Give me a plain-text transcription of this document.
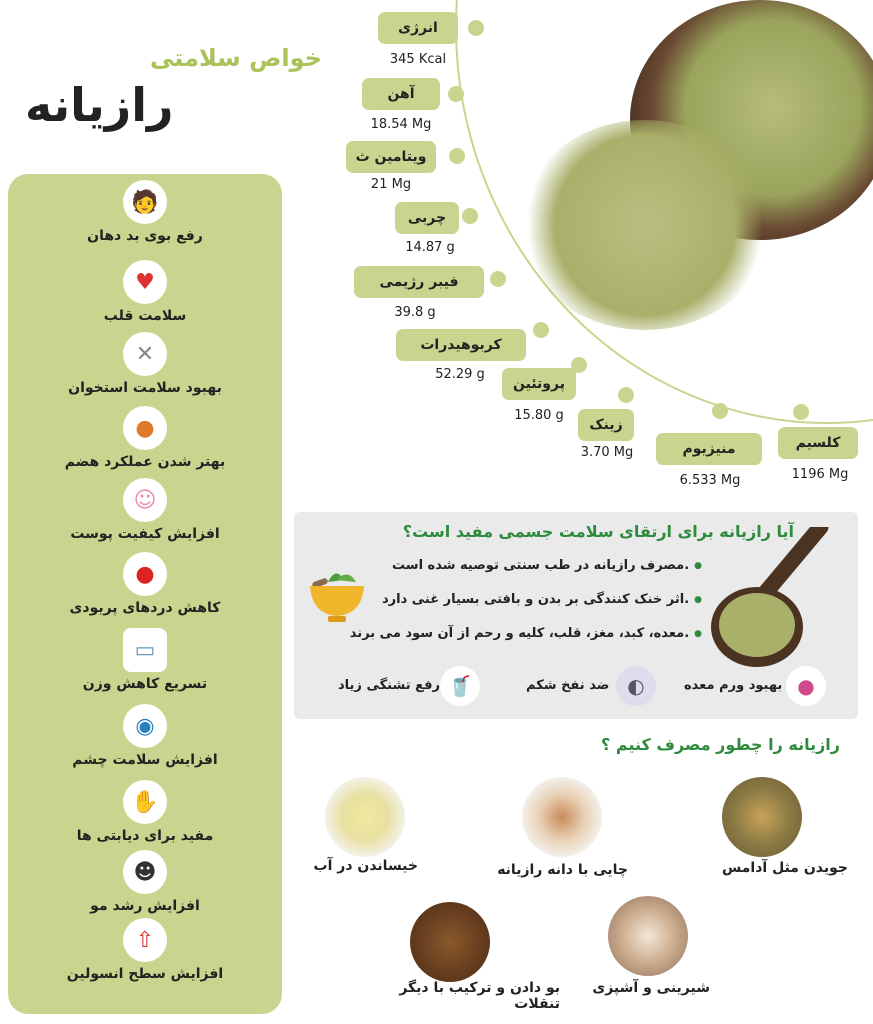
خواص سلامتی
رازیانه
🧑
رفع بوی بد دهان
♥
سلامت قلب
✕
بهبود سلامت استخوان
●
بهتر شدن عملکرد هضم
☺
افزایش کیفیت پوست
●
کاهش دردهای پریودی
▭
تسریع کاهش وزن
◉
افزایش سلامت چشم
✋
مفید برای دیابتی ها
☻
افزایش رشد مو
⇧
افزایش سطح انسولین
انرژی
345 Kcal
آهن
18.54 Mg
ویتامین ث
21 Mg
چربی
14.87 g
فیبر رژیمی
39.8 g
کربوهیدرات
52.29 g
پروتئین
15.80 g
زینک
3.70 Mg	منیزیوم
6.533 Mg
کلسیم
1196 Mg
آیا رازیانه برای ارتقای سلامت جسمی مفید است؟
مصرف رازیانه در طب سنتی توصیه شده است. ●
اثر خنک کنندگی بر بدن و بافتی بسیار غنی دارد. ●
معده، کبد، مغز، قلب، کلیه و رحم از آن سود می برند. ●
●
بهبود ورم معده
◐
ضد نفخ شکم
🥤
رفع تشنگی زیاد
رازیانه را چطور مصرف کنیم ؟
جویدن مثل آدامس
چایی با دانه رازیانه
خیساندن در آب
شیرینی و آشپزی
بو دادن و ترکیب با دیگر تنقلات
